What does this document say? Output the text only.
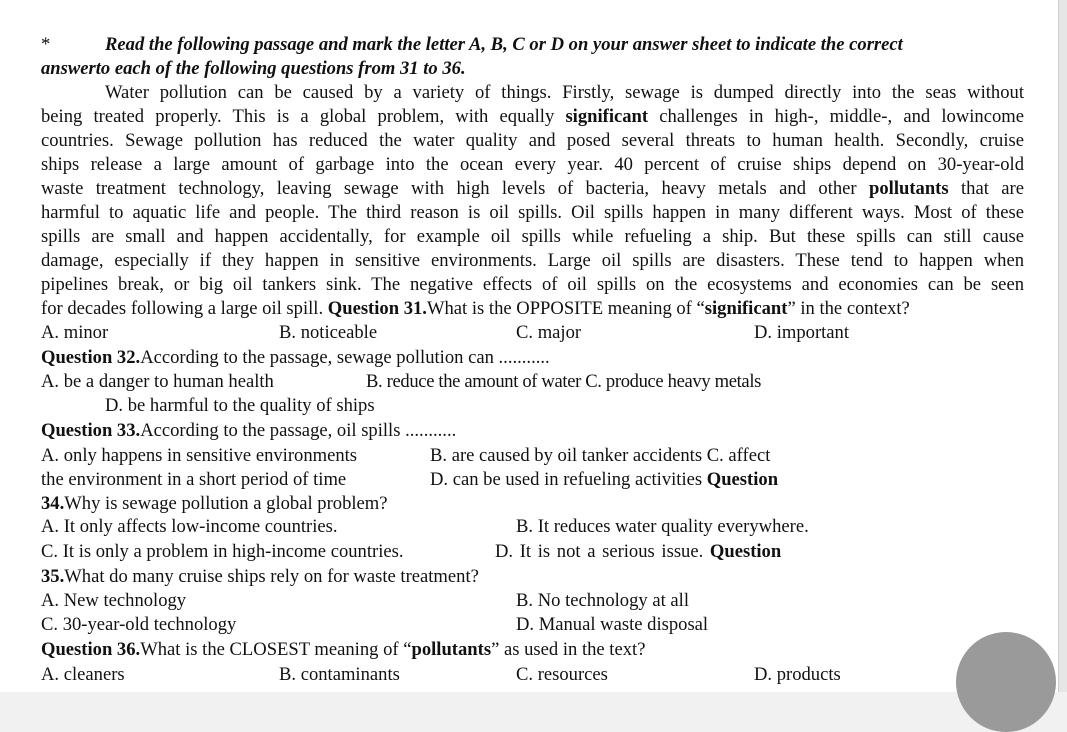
*	Read the following passage and mark the letter A, B, C or D on your answer sheet to indicate the correct
answerto each of the following questions from 31 to 36.
Water pollution can be caused by a variety of things. Firstly, sewage is dumped directly into the seas without
being treated properly. This is a global problem, with equally significant challenges in high-, middle-, and lowincome
countries. Sewage pollution has reduced the water quality and posed several threats to human health. Secondly, cruise
ships release a large amount of garbage into the ocean every year. 40 percent of cruise ships depend on 30-year-old
waste treatment technology, leaving sewage with high levels of bacteria, heavy metals and other pollutants that are
harmful to aquatic life and people. The third reason is oil spills. Oil spills happen in many different ways. Most of these
spills are small and happen accidentally, for example oil spills while refueling a ship. But these spills can still cause
damage, especially if they happen in sensitive environments. Large oil spills are disasters. These tend to happen when
pipelines break, or big oil tankers sink. The negative effects of oil spills on the ecosystems and economies can be seen
for decades following a large oil spill. Question 31.What is the OPPOSITE meaning of “significant” in the context?
A. minor	B. noticeable	C. major	D. important
Question 32.According to the passage, sewage pollution can ...........
A. be a danger to human health	B. reduce the amount of water C. produce heavy metals
D. be harmful to the quality of ships
Question 33.According to the passage, oil spills ...........
A. only happens in sensitive environments	B. are caused by oil tanker accidents C. affect
the environment in a short period of time	D. can be used in refueling activities Question
34.Why is sewage pollution a global problem?
A. It only affects low-income countries.	B. It reduces water quality everywhere.
C. It is only a problem in high-income countries.	D. It is not a serious issue. Question
35.What do many cruise ships rely on for waste treatment?
A. New technology	B. No technology at all
C. 30-year-old technology	D. Manual waste disposal
Question 36.What is the CLOSEST meaning of “pollutants” as used in the text?
A. cleaners	B. contaminants	C. resources	D. products
